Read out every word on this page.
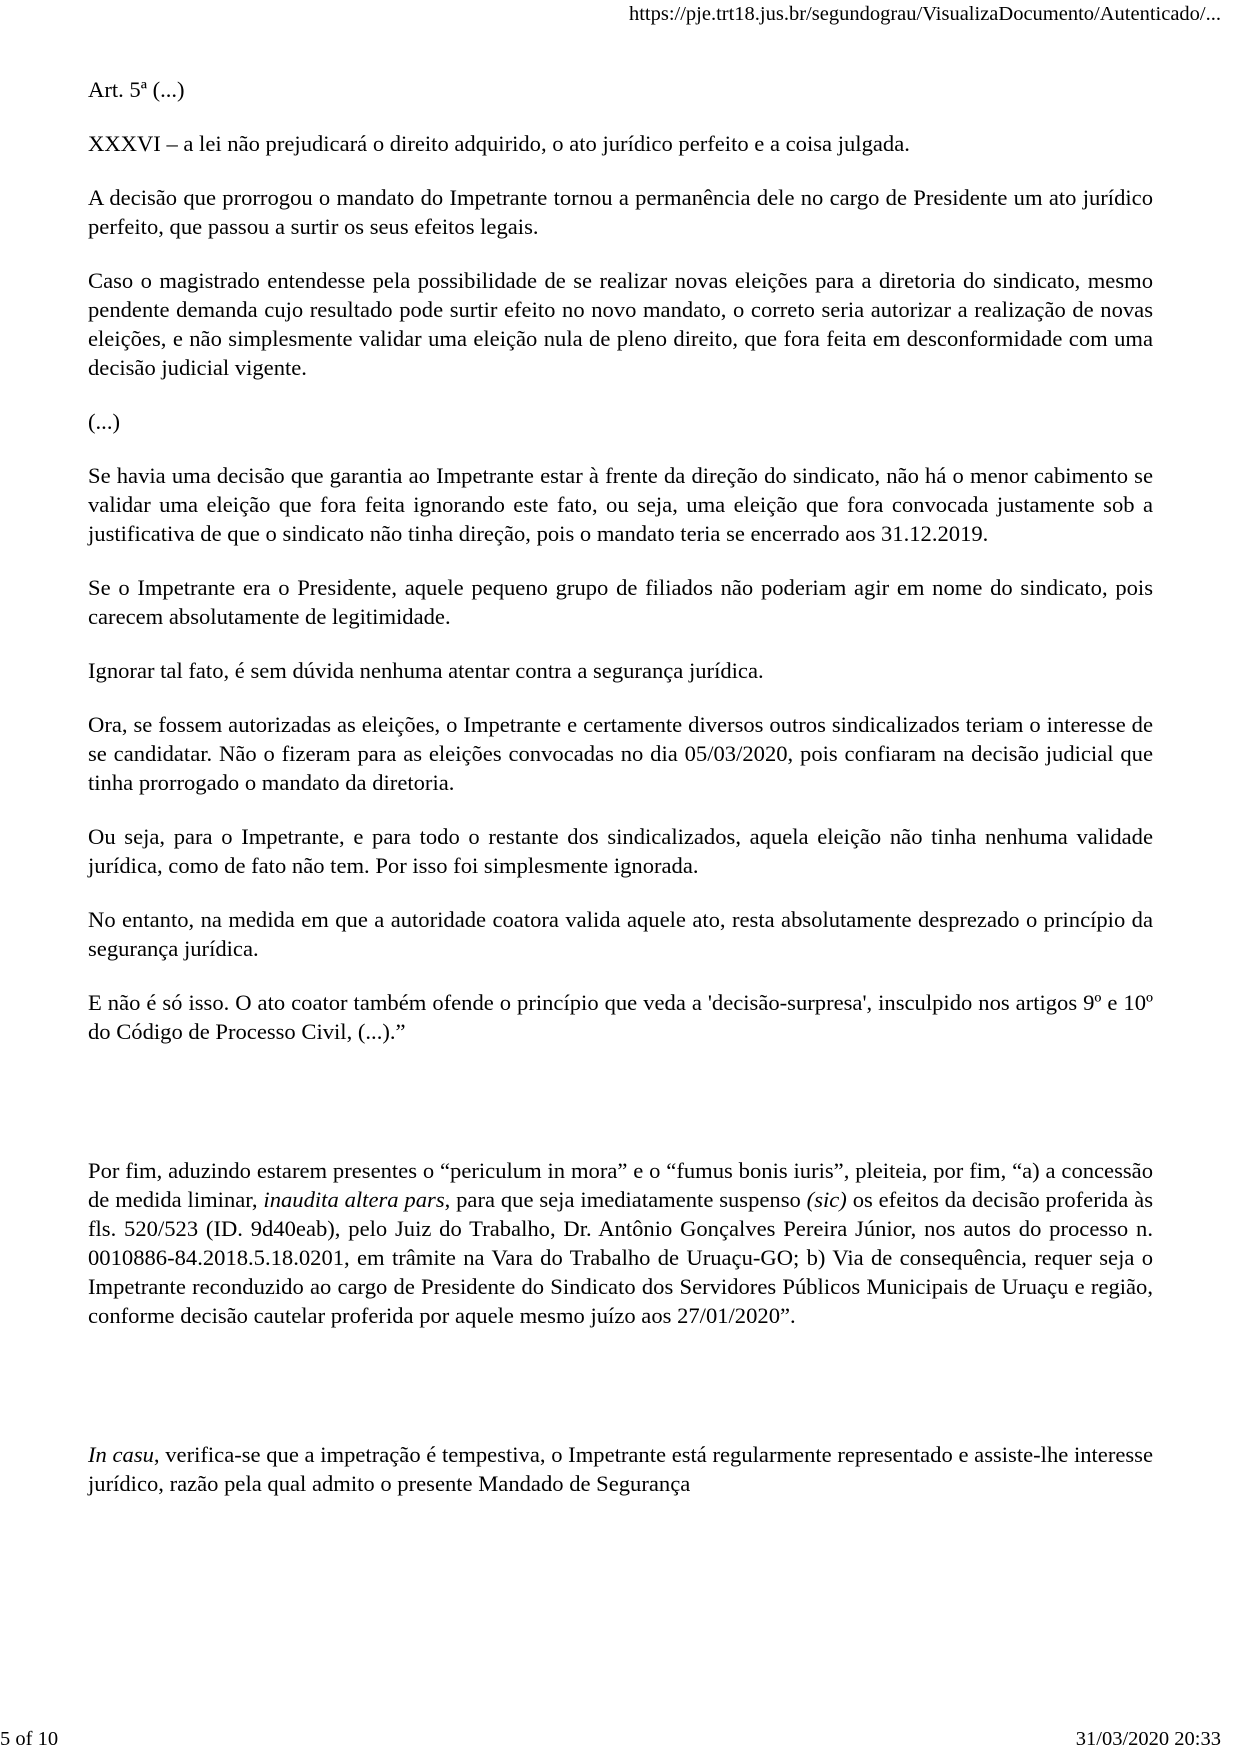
https://pje.trt18.jus.br/segundograu/VisualizaDocumento/Autenticado/...

Art. 5ª (...)

XXXVI – a lei não prejudicará o direito adquirido, o ato jurídico perfeito e a coisa julgada.

A decisão que prorrogou o mandato do Impetrante tornou a permanência dele no cargo de Presidente um ato jurídico perfeito, que passou a surtir os seus efeitos legais.

Caso o magistrado entendesse pela possibilidade de se realizar novas eleições para a diretoria do sindicato, mesmo pendente demanda cujo resultado pode surtir efeito no novo mandato, o correto seria autorizar a realização de novas eleições, e não simplesmente validar uma eleição nula de pleno direito, que fora feita em desconformidade com uma decisão judicial vigente.

(...)

Se havia uma decisão que garantia ao Impetrante estar à frente da direção do sindicato, não há o menor cabimento se validar uma eleição que fora feita ignorando este fato, ou seja, uma eleição que fora convocada justamente sob a justificativa de que o sindicato não tinha direção, pois o mandato teria se encerrado aos 31.12.2019.

Se o Impetrante era o Presidente, aquele pequeno grupo de filiados não poderiam agir em nome do sindicato, pois carecem absolutamente de legitimidade.

Ignorar tal fato, é sem dúvida nenhuma atentar contra a segurança jurídica.

Ora, se fossem autorizadas as eleições, o Impetrante e certamente diversos outros sindicalizados teriam o interesse de se candidatar. Não o fizeram para as eleições convocadas no dia 05/03/2020, pois confiaram na decisão judicial que tinha prorrogado o mandato da diretoria.

Ou seja, para o Impetrante, e para todo o restante dos sindicalizados, aquela eleição não tinha nenhuma validade jurídica, como de fato não tem. Por isso foi simplesmente ignorada.

No entanto, na medida em que a autoridade coatora valida aquele ato, resta absolutamente desprezado o princípio da segurança jurídica.

E não é só isso. O ato coator também ofende o princípio que veda a 'decisão-surpresa', insculpido nos artigos 9º e 10º do Código de Processo Civil, (...).”

Por fim, aduzindo estarem presentes o “periculum in mora” e o “fumus bonis iuris”, pleiteia, por fim, “a) a concessão de medida liminar, inaudita altera pars, para que seja imediatamente suspenso (sic) os efeitos da decisão proferida às fls. 520/523 (ID. 9d40eab), pelo Juiz do Trabalho, Dr. Antônio Gonçalves Pereira Júnior, nos autos do processo n. 0010886-84.2018.5.18.0201, em trâmite na Vara do Trabalho de Uruaçu-GO; b) Via de consequência, requer seja o Impetrante reconduzido ao cargo de Presidente do Sindicato dos Servidores Públicos Municipais de Uruaçu e região, conforme decisão cautelar proferida por aquele mesmo juízo aos 27/01/2020”.

In casu, verifica-se que a impetração é tempestiva, o Impetrante está regularmente representado e assiste-lhe interesse jurídico, razão pela qual admito o presente Mandado de Segurança

5 of 10	31/03/2020 20:33
